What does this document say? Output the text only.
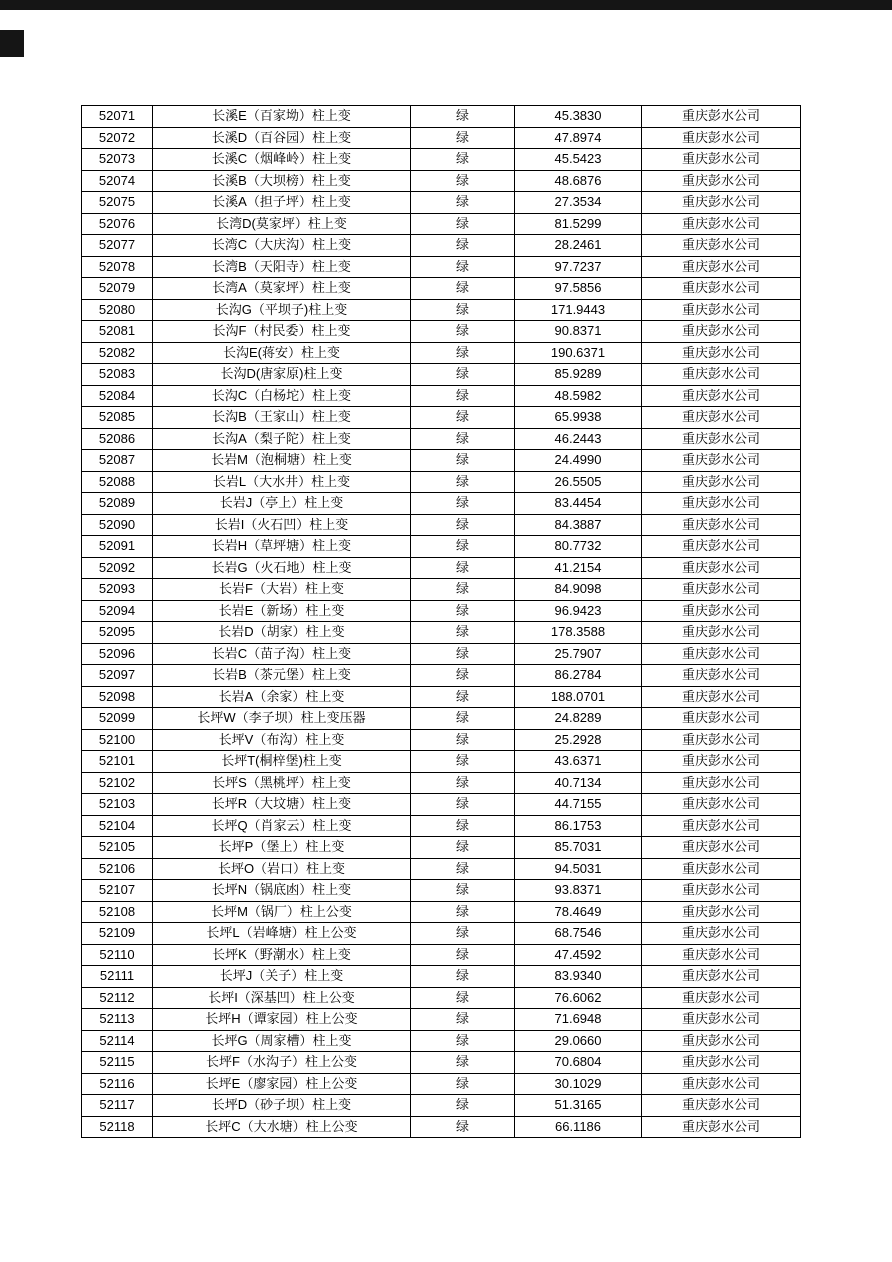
52071	长溪E（百家坳）柱上变	绿	45.3830	重庆彭水公司
52072	长溪D（百谷园）柱上变	绿	47.8974	重庆彭水公司
52073	长溪C（烟峰岭）柱上变	绿	45.5423	重庆彭水公司
52074	长溪B（大坝榜）柱上变	绿	48.6876	重庆彭水公司
52075	长溪A（担子坪）柱上变	绿	27.3534	重庆彭水公司
52076	长湾D(莫家坪）柱上变	绿	81.5299	重庆彭水公司
52077	长湾C（大庆沟）柱上变	绿	28.2461	重庆彭水公司
52078	长湾B（天阳寺）柱上变	绿	97.7237	重庆彭水公司
52079	长湾A（莫家坪）柱上变	绿	97.5856	重庆彭水公司
52080	长沟G（平坝子)柱上变	绿	171.9443	重庆彭水公司
52081	长沟F（村民委）柱上变	绿	90.8371	重庆彭水公司
52082	长沟E(蒋安）柱上变	绿	190.6371	重庆彭水公司
52083	长沟D(唐家原)柱上变	绿	85.9289	重庆彭水公司
52084	长沟C（白杨坨）柱上变	绿	48.5982	重庆彭水公司
52085	长沟B（王家山）柱上变	绿	65.9938	重庆彭水公司
52086	长沟A（梨子陀）柱上变	绿	46.2443	重庆彭水公司
52087	长岩M（泡桐塘）柱上变	绿	24.4990	重庆彭水公司
52088	长岩L（大水井）柱上变	绿	26.5505	重庆彭水公司
52089	长岩J（亭上）柱上变	绿	83.4454	重庆彭水公司
52090	长岩I（火石凹）柱上变	绿	84.3887	重庆彭水公司
52091	长岩H（草坪塘）柱上变	绿	80.7732	重庆彭水公司
52092	长岩G（火石地）柱上变	绿	41.2154	重庆彭水公司
52093	长岩F（大岩）柱上变	绿	84.9098	重庆彭水公司
52094	长岩E（新场）柱上变	绿	96.9423	重庆彭水公司
52095	长岩D（胡家）柱上变	绿	178.3588	重庆彭水公司
52096	长岩C（苗子沟）柱上变	绿	25.7907	重庆彭水公司
52097	长岩B（茶元堡）柱上变	绿	86.2784	重庆彭水公司
52098	长岩A（余家）柱上变	绿	188.0701	重庆彭水公司
52099	长坪W（李子坝）柱上变压器	绿	24.8289	重庆彭水公司
52100	长坪V（布沟）柱上变	绿	25.2928	重庆彭水公司
52101	长坪T(桐梓堡)柱上变	绿	43.6371	重庆彭水公司
52102	长坪S（黑桃坪）柱上变	绿	40.7134	重庆彭水公司
52103	长坪R（大坟塘）柱上变	绿	44.7155	重庆彭水公司
52104	长坪Q（肖家云）柱上变	绿	86.1753	重庆彭水公司
52105	长坪P（堡上）柱上变	绿	85.7031	重庆彭水公司
52106	长坪O（岩口）柱上变	绿	94.5031	重庆彭水公司
52107	长坪N（锅底凼）柱上变	绿	93.8371	重庆彭水公司
52108	长坪M（锅厂）柱上公变	绿	78.4649	重庆彭水公司
52109	长坪L（岩峰塘）柱上公变	绿	68.7546	重庆彭水公司
52110	长坪K（野潮水）柱上变	绿	47.4592	重庆彭水公司
52111	长坪J（关子）柱上变	绿	83.9340	重庆彭水公司
52112	长坪I（深基凹）柱上公变	绿	76.6062	重庆彭水公司
52113	长坪H（谭家园）柱上公变	绿	71.6948	重庆彭水公司
52114	长坪G（周家槽）柱上变	绿	29.0660	重庆彭水公司
52115	长坪F（水沟子）柱上公变	绿	70.6804	重庆彭水公司
52116	长坪E（廖家园）柱上公变	绿	30.1029	重庆彭水公司
52117	长坪D（砂子坝）柱上变	绿	51.3165	重庆彭水公司
52118	长坪C（大水塘）柱上公变	绿	66.1186	重庆彭水公司
